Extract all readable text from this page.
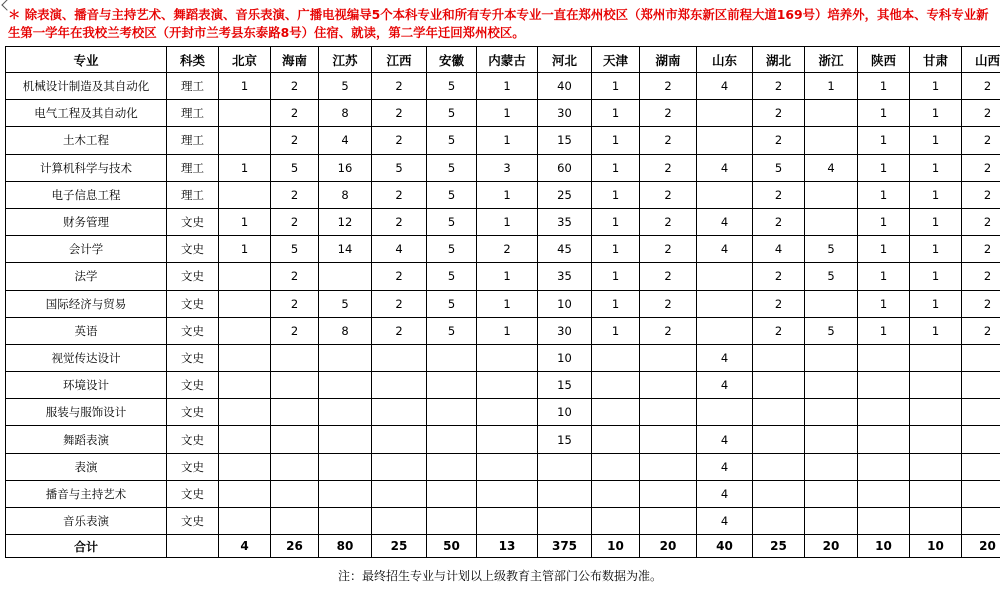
＊ 除表演、播音与主持艺术、舞蹈表演、音乐表演、广播电视编导5个本科专业和所有专升本专业一直在郑州校区（郑州市郑东新区前程大道169号）培养外，其他本、专科专业新生第一学年在我校兰考校区（开封市兰考县东泰路8号）住宿、就读，第二学年迁回郑州校区。
专业	科类	北京	海南	江苏	江西	安徽	内蒙古	河北	天津	湖南	山东	湖北	浙江	陕西	甘肃	山西
机械设计制造及其自动化	理工	1	2	5	2	5	1	40	1	2	4	2	1	1	1	2
电气工程及其自动化	理工		2	8	2	5	1	30	1	2		2		1	1	2
土木工程	理工		2	4	2	5	1	15	1	2		2		1	1	2
计算机科学与技术	理工	1	5	16	5	5	3	60	1	2	4	5	4	1	1	2
电子信息工程	理工		2	8	2	5	1	25	1	2		2		1	1	2
财务管理	文史	1	2	12	2	5	1	35	1	2	4	2		1	1	2
会计学	文史	1	5	14	4	5	2	45	1	2	4	4	5	1	1	2
法学	文史		2		2	5	1	35	1	2		2	5	1	1	2
国际经济与贸易	文史		2	5	2	5	1	10	1	2		2		1	1	2
英语	文史		2	8	2	5	1	30	1	2		2	5	1	1	2
视觉传达设计	文史							10			4					
环境设计	文史							15			4					
服装与服饰设计	文史							10								
舞蹈表演	文史							15			4					
表演	文史										4					
播音与主持艺术	文史										4					
音乐表演	文史										4					
合计		4	26	80	25	50	13	375	10	20	40	25	20	10	10	20
注：最终招生专业与计划以上级教育主管部门公布数据为准。
